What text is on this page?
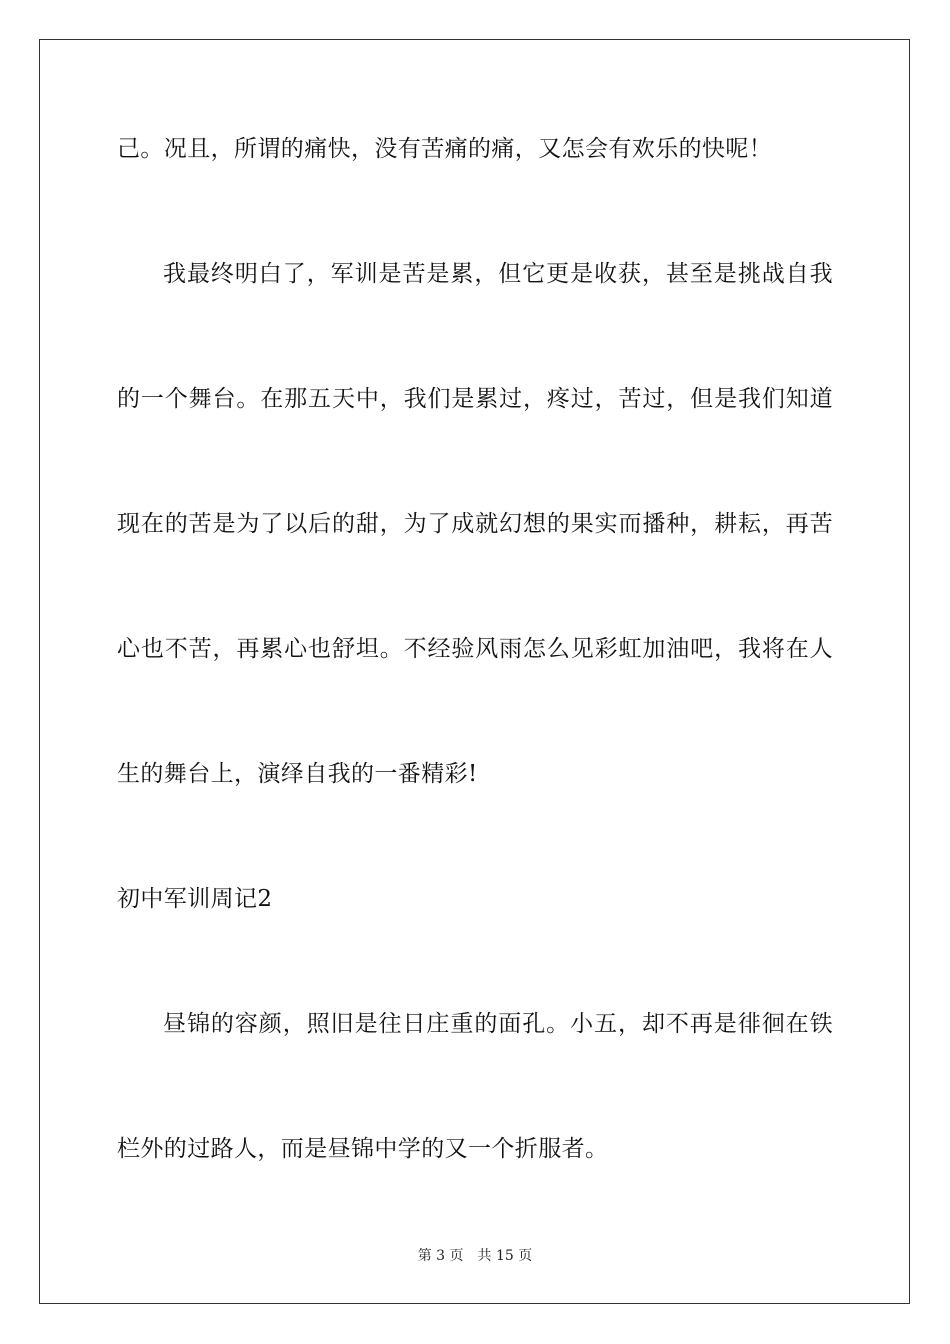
己。况且，所谓的痛快，没有苦痛的痛，又怎会有欢乐的快呢！
我最终明白了，军训是苦是累，但它更是收获，甚至是挑战自我
的一个舞台。在那五天中，我们是累过，疼过，苦过，但是我们知道
现在的苦是为了以后的甜，为了成就幻想的果实而播种，耕耘，再苦
心也不苦，再累心也舒坦。不经验风雨怎么见彩虹加油吧，我将在人
生的舞台上，演绎自我的一番精彩!
初中军训周记2
昼锦的容颜，照旧是往日庄重的面孔。小五，却不再是徘徊在铁
栏外的过路人，而是昼锦中学的又一个折服者。
第 3 页 共 15 页
